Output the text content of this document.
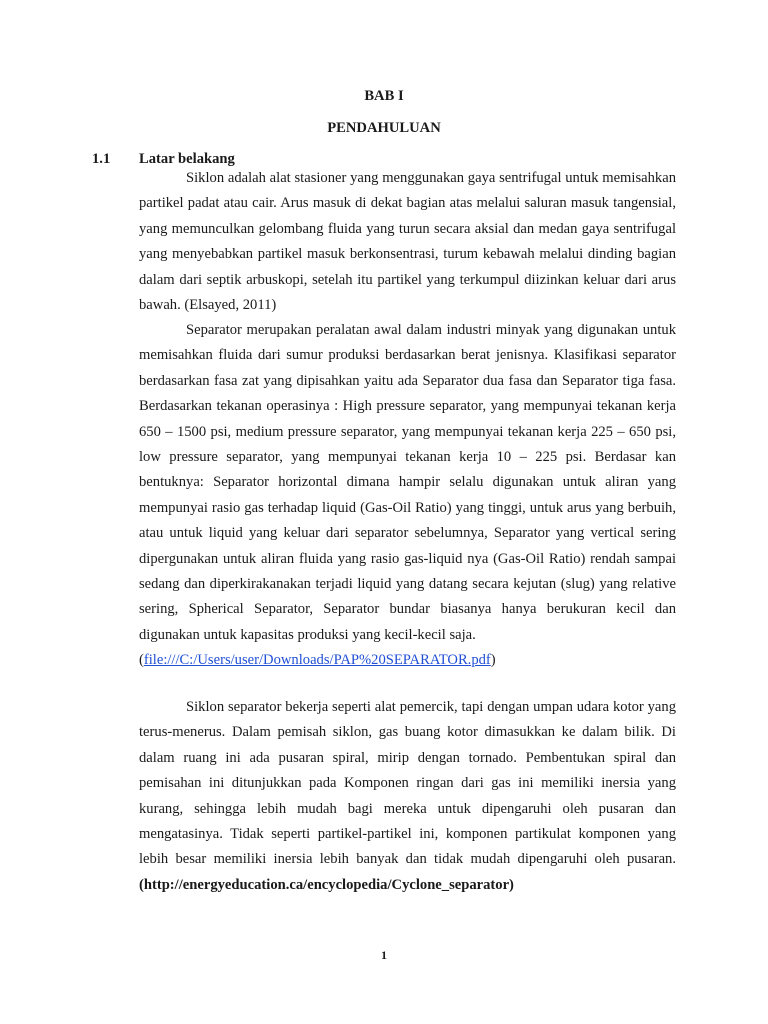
BAB I
PENDAHULUAN
1.1 Latar belakang

Siklon adalah alat stasioner yang menggunakan gaya sentrifugal untuk memisahkan partikel padat atau cair. Arus masuk di dekat bagian atas melalui saluran masuk tangensial, yang memunculkan gelombang fluida yang turun secara aksial dan medan gaya sentrifugal yang menyebabkan partikel masuk berkonsentrasi, turum kebawah melalui dinding bagian dalam dari septik arbuskopi, setelah itu partikel yang terkumpul diizinkan keluar dari arus bawah. (Elsayed, 2011)

Separator merupakan peralatan awal dalam industri minyak yang digunakan untuk memisahkan fluida dari sumur produksi berdasarkan berat jenisnya. Klasifikasi separator berdasarkan fasa zat yang dipisahkan yaitu ada Separator dua fasa dan Separator tiga fasa. Berdasarkan tekanan operasinya : High pressure separator, yang mempunyai tekanan kerja 650 – 1500 psi, medium pressure separator, yang mempunyai tekanan kerja 225 – 650 psi, low pressure separator, yang mempunyai tekanan kerja 10 – 225 psi. Berdasar kan bentuknya: Separator horizontal dimana hampir selalu digunakan untuk aliran yang mempunyai rasio gas terhadap liquid (Gas-Oil Ratio) yang tinggi, untuk arus yang berbuih, atau untuk liquid yang keluar dari separator sebelumnya, Separator yang vertical sering dipergunakan untuk aliran fluida yang rasio gas-liquid nya (Gas-Oil Ratio) rendah sampai sedang dan diperkirakanakan terjadi liquid yang datang secara kejutan (slug) yang relative sering, Spherical Separator, Separator bundar biasanya hanya berukuran kecil dan digunakan untuk kapasitas produksi yang kecil-kecil saja.
(file:///C:/Users/user/Downloads/PAP%20SEPARATOR.pdf)

Siklon separator bekerja seperti alat pemercik, tapi dengan umpan udara kotor yang terus-menerus. Dalam pemisah siklon, gas buang kotor dimasukkan ke dalam bilik. Di dalam ruang ini ada pusaran spiral, mirip dengan tornado. Pembentukan spiral dan pemisahan ini ditunjukkan pada Komponen ringan dari gas ini memiliki inersia yang kurang, sehingga lebih mudah bagi mereka untuk dipengaruhi oleh pusaran dan mengatasinya. Tidak seperti partikel-partikel ini, komponen partikulat komponen yang lebih besar memiliki inersia lebih banyak dan tidak mudah dipengaruhi oleh pusaran. (http://energyeducation.ca/encyclopedia/Cyclone_separator)

1
